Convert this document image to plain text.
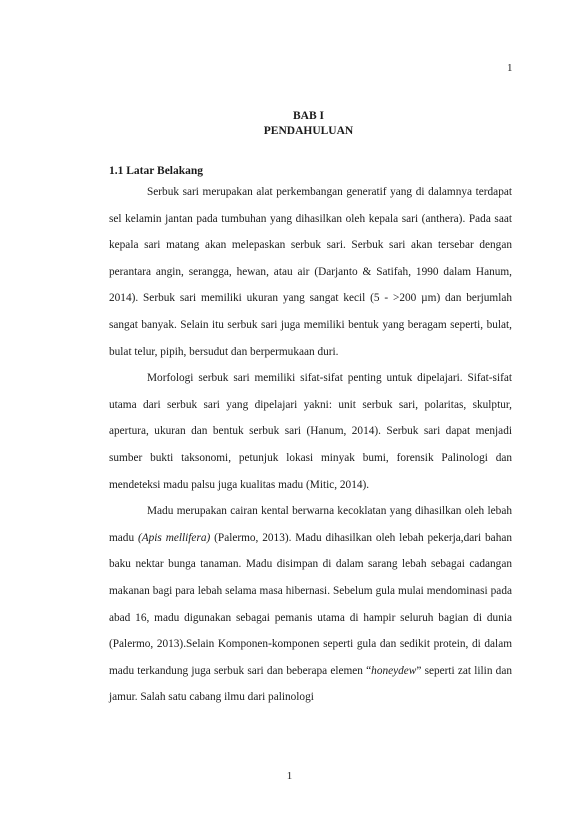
1
BAB I
PENDAHULUAN
1.1 Latar Belakang

Serbuk sari merupakan alat perkembangan generatif yang di dalamnya terdapat sel kelamin jantan pada tumbuhan yang dihasilkan oleh kepala sari (anthera). Pada saat kepala sari matang akan melepaskan serbuk sari. Serbuk sari akan tersebar dengan perantara angin, serangga, hewan, atau air (Darjanto & Satifah, 1990 dalam Hanum, 2014). Serbuk sari memiliki ukuran yang sangat kecil (5 - >200 µm) dan berjumlah sangat banyak. Selain itu serbuk sari juga memiliki bentuk yang beragam seperti, bulat, bulat telur, pipih, bersudut dan berpermukaan duri.

Morfologi serbuk sari memiliki sifat-sifat penting untuk dipelajari. Sifat-sifat utama dari serbuk sari yang dipelajari yakni: unit serbuk sari, polaritas, skulptur, apertura, ukuran dan bentuk serbuk sari (Hanum, 2014). Serbuk sari dapat menjadi sumber bukti taksonomi, petunjuk lokasi minyak bumi, forensik Palinologi dan mendeteksi madu palsu juga kualitas madu (Mitic, 2014).

Madu merupakan cairan kental berwarna kecoklatan yang dihasilkan oleh lebah madu (Apis mellifera) (Palermo, 2013). Madu dihasilkan oleh lebah pekerja,dari bahan baku nektar bunga tanaman. Madu disimpan di dalam sarang lebah sebagai cadangan makanan bagi para lebah selama masa hibernasi. Sebelum gula mulai mendominasi pada abad 16, madu digunakan sebagai pemanis utama di hampir seluruh bagian di dunia (Palermo, 2013).Selain Komponen-komponen seperti gula dan sedikit protein, di dalam madu terkandung juga serbuk sari dan beberapa elemen “honeydew” seperti zat lilin dan jamur. Salah satu cabang ilmu dari palinologi

1
